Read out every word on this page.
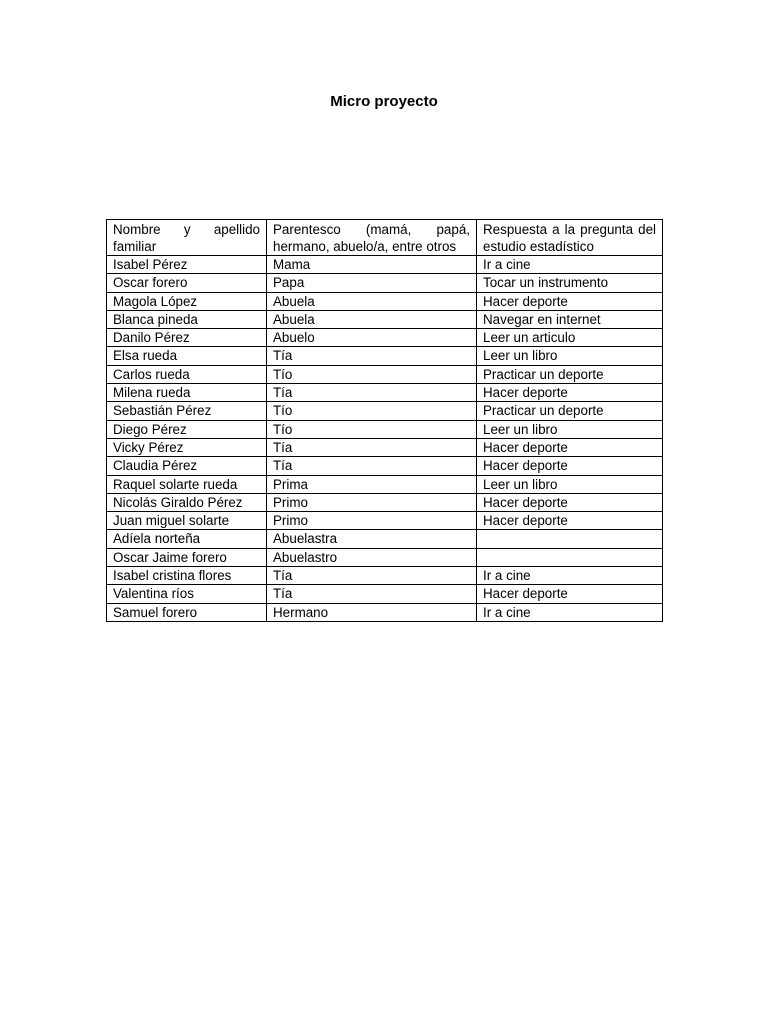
Micro proyecto
Nombre y apellido familiar	Parentesco (mamá, papá, hermano, abuelo/a, entre otros	Respuesta a la pregunta del estudio estadístico
Isabel Pérez	Mama	Ir a cine
Oscar forero	Papa	Tocar un instrumento
Magola López	Abuela	Hacer deporte
Blanca pineda	Abuela	Navegar en internet
Danilo Pérez	Abuelo	Leer un articulo
Elsa rueda	Tía	Leer un libro
Carlos rueda	Tío	Practicar un deporte
Milena rueda	Tía	Hacer deporte
Sebastián Pérez	Tío	Practicar un deporte
Diego Pérez	Tío	Leer un libro
Vicky Pérez	Tía	Hacer deporte
Claudia Pérez	Tía	Hacer deporte
Raquel solarte rueda	Prima	Leer un libro
Nicolás Giraldo Pérez	Primo	Hacer deporte
Juan miguel solarte	Primo	Hacer deporte
Adíela norteña	Abuelastra	
Oscar Jaime forero	Abuelastro	
Isabel cristina flores	Tía	Ir a cine
Valentina ríos	Tía	Hacer deporte
Samuel forero	Hermano	Ir a cine
